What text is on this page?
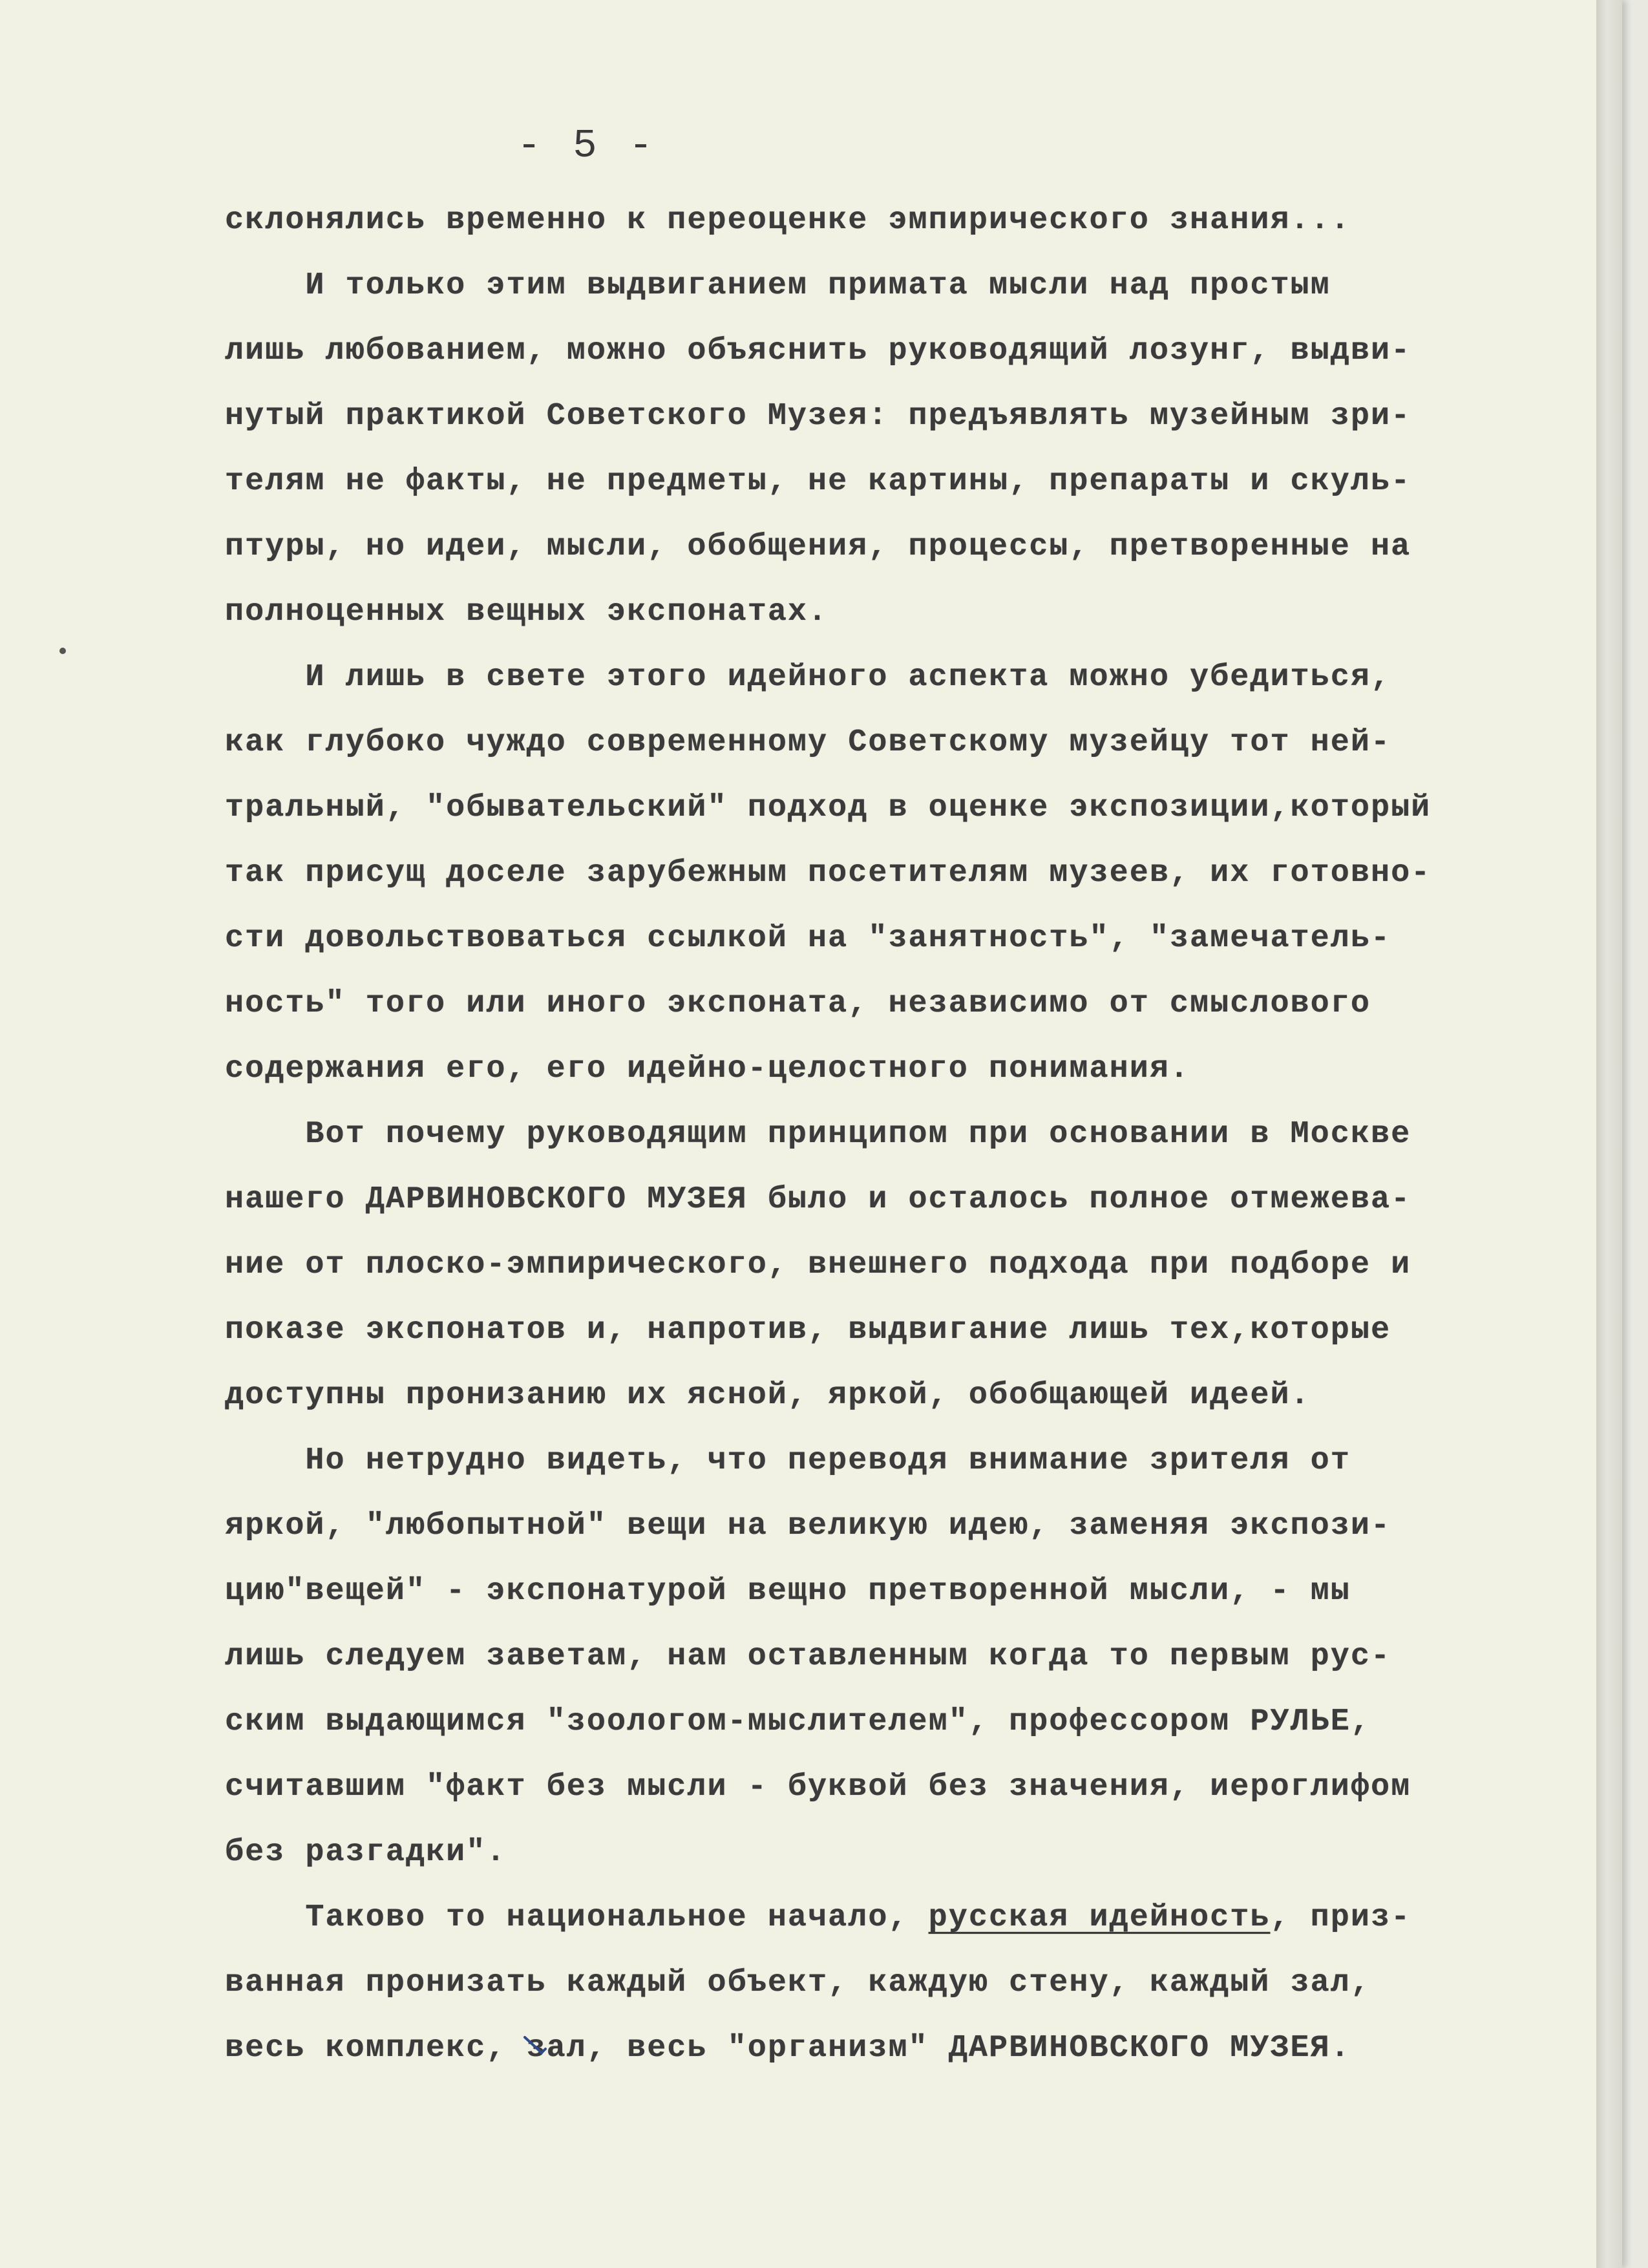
- 5 -
склонялись временно к переоценке эмпирического знания...
И только этим выдвиганием примата мысли над простым
лишь любованием, можно объяснить руководящий лозунг, выдви-
нутый практикой Советского Музея: предъявлять музейным зри-
телям не факты, не предметы, не картины, препараты и скуль-
птуры, но идеи, мысли, обобщения, процессы, претворенные на
полноценных вещных экспонатах.
И лишь в свете этого идейного аспекта можно убедиться,
как глубоко чуждо современному Советскому музейцу тот ней-
тральный, "обывательский" подход в оценке экспозиции,который
так присущ доселе зарубежным посетителям музеев, их готовно-
сти довольствоваться ссылкой на "занятность", "замечатель-
ность" того или иного экспоната, независимо от смыслового
содержания его, его идейно-целостного понимания.
Вот почему руководящим принципом при основании в Москве
нашего ДАРВИНОВСКОГО МУЗЕЯ было и осталось полное отмежева-
ние от плоско-эмпирического, внешнего подхода при подборе и
показе экспонатов и, напротив, выдвигание лишь тех,которые
доступны пронизанию их ясной, яркой, обобщающей идеей.
Но нетрудно видеть, что переводя внимание зрителя от
яркой, "любопытной" вещи на великую идею, заменяя экспози-
цию"вещей" - экспонатурой вещно претворенной мысли, - мы
лишь следуем заветам, нам оставленным когда то первым рус-
ским выдающимся "зоологом-мыслителем", профессором РУЛЬЕ,
считавшим "факт без мысли - буквой без значения, иероглифом
без разгадки".
Таково то национальное начало, русская идейность, приз-
ванная пронизать каждый объект, каждую стену, каждый зал,
весь комплекс, зал, весь "организм" ДАРВИНОВСКОГО МУЗЕЯ.
